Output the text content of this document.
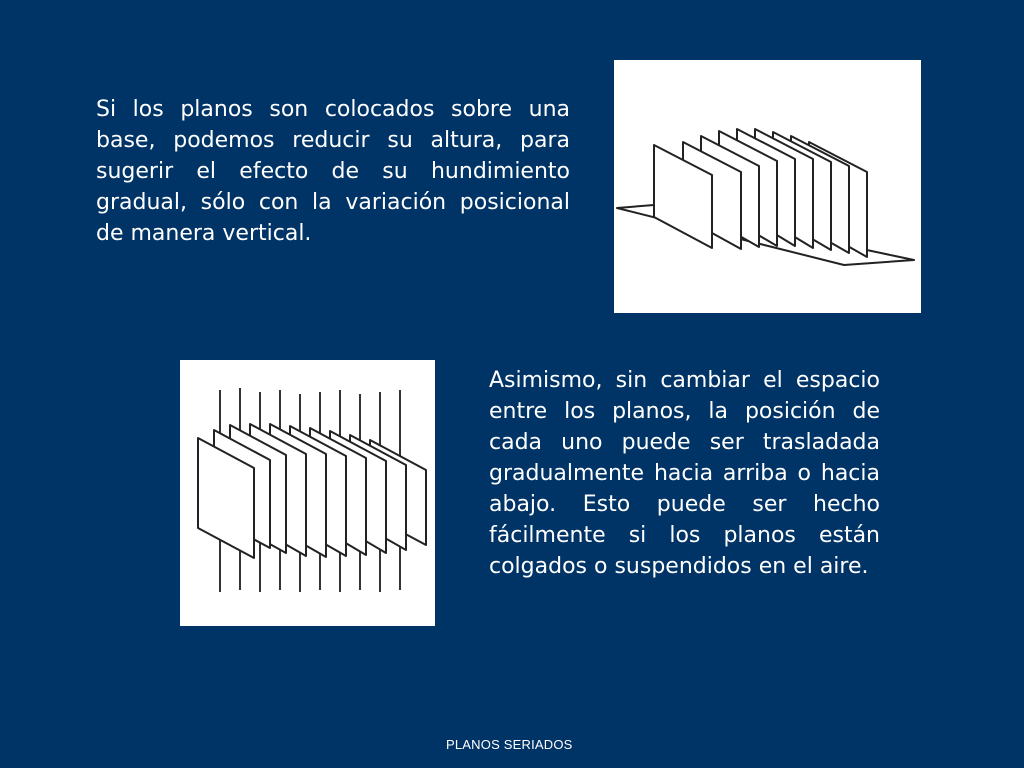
Si los planos son colocados sobre una base, podemos reducir su altura, para sugerir el efecto de su hundimiento gradual, sólo con la variación posicional de manera vertical.

Asimismo, sin cambiar el espacio entre los planos, la posición de cada uno puede ser trasladada gradualmente hacia arriba o hacia abajo. Esto puede ser hecho fácilmente si los planos están colgados o suspendidos en el aire.

PLANOS SERIADOS
